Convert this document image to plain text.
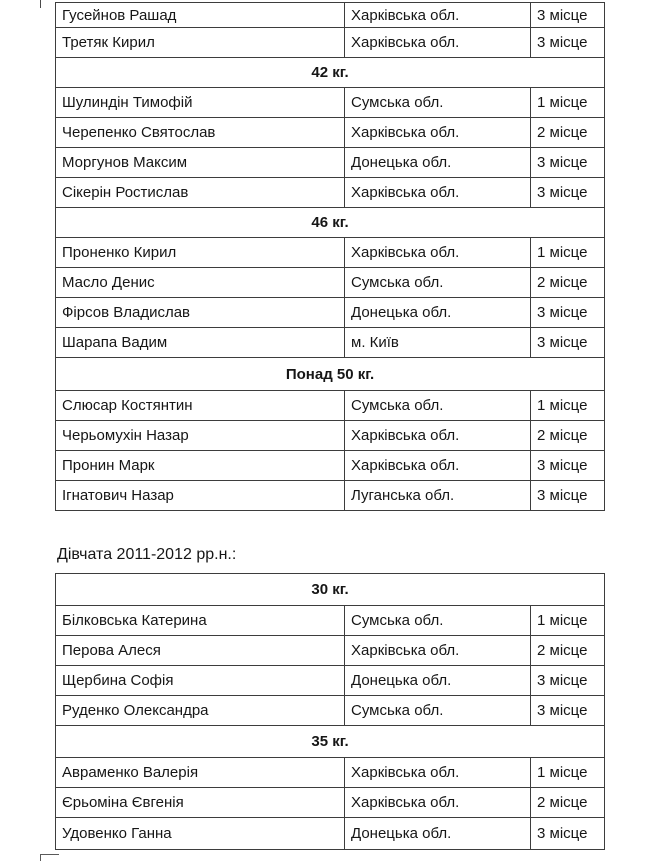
Гусейнов Рашад	Харківська обл.	3 місце
Третяк Кирил	Харківська обл.	3 місце
42 кг.		
Шулиндін Тимофій	Сумська обл.	1 місце
Черепенко Святослав	Харківська обл.	2 місце
Моргунов Максим	Донецька обл.	3 місце
Сікерін Ростислав	Харківська обл.	3 місце
46 кг.		
Проненко Кирил	Харківська обл.	1 місце
Масло Денис	Сумська обл.	2 місце
Фірсов Владислав	Донецька обл.	3 місце
Шарапа Вадим	м. Київ	3 місце
Понад 50 кг.		
Слюсар Костянтин	Сумська обл.	1 місце
Черьомухін Назар	Харківська обл.	2 місце
Пронин Марк	Харківська обл.	3 місце
Ігнатович Назар	Луганська обл.	3 місце
Дівчата 2011-2012 рр.н.:
30 кг.		
Білковська Катерина	Сумська обл.	1 місце
Перова Алеся	Харківська обл.	2 місце
Щербина Софія	Донецька обл.	3 місце
Руденко Олександра	Сумська обл.	3 місце
35 кг.		
Авраменко Валерія	Харківська обл.	1 місце
Єрьоміна Євгенія	Харківська обл.	2 місце
Удовенко Ганна	Донецька обл.	3 місце
